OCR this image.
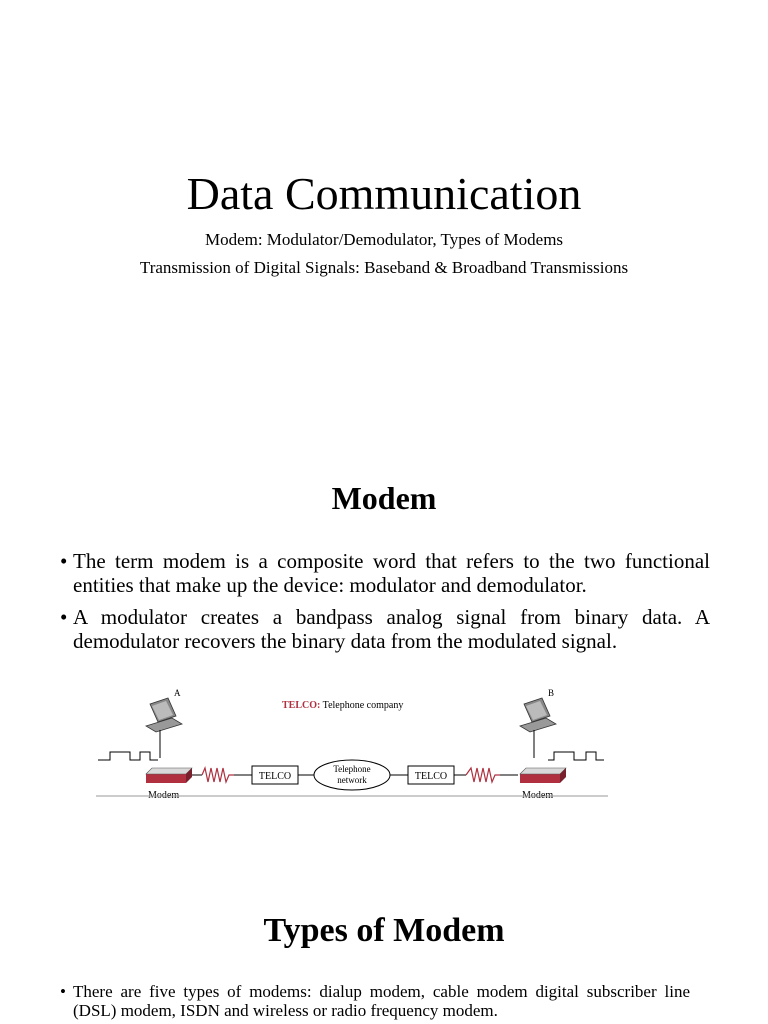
Data Communication
Modem: Modulator/Demodulator, Types of Modems
Transmission of Digital Signals: Baseband & Broadband Transmissions
Modem
• The term modem is a composite word that refers to the two functional entities that make up the device: modulator and demodulator.
• A modulator creates a bandpass analog signal from binary data. A demodulator recovers the binary data from the modulated signal.
TELCO: Telephone company
A	B
Modem	Modem
TELCO
Telephone
network	TELCO
Types of Modem
• There are five types of modems: dialup modem, cable modem digital subscriber line (DSL) modem, ISDN and wireless or radio frequency modem.
